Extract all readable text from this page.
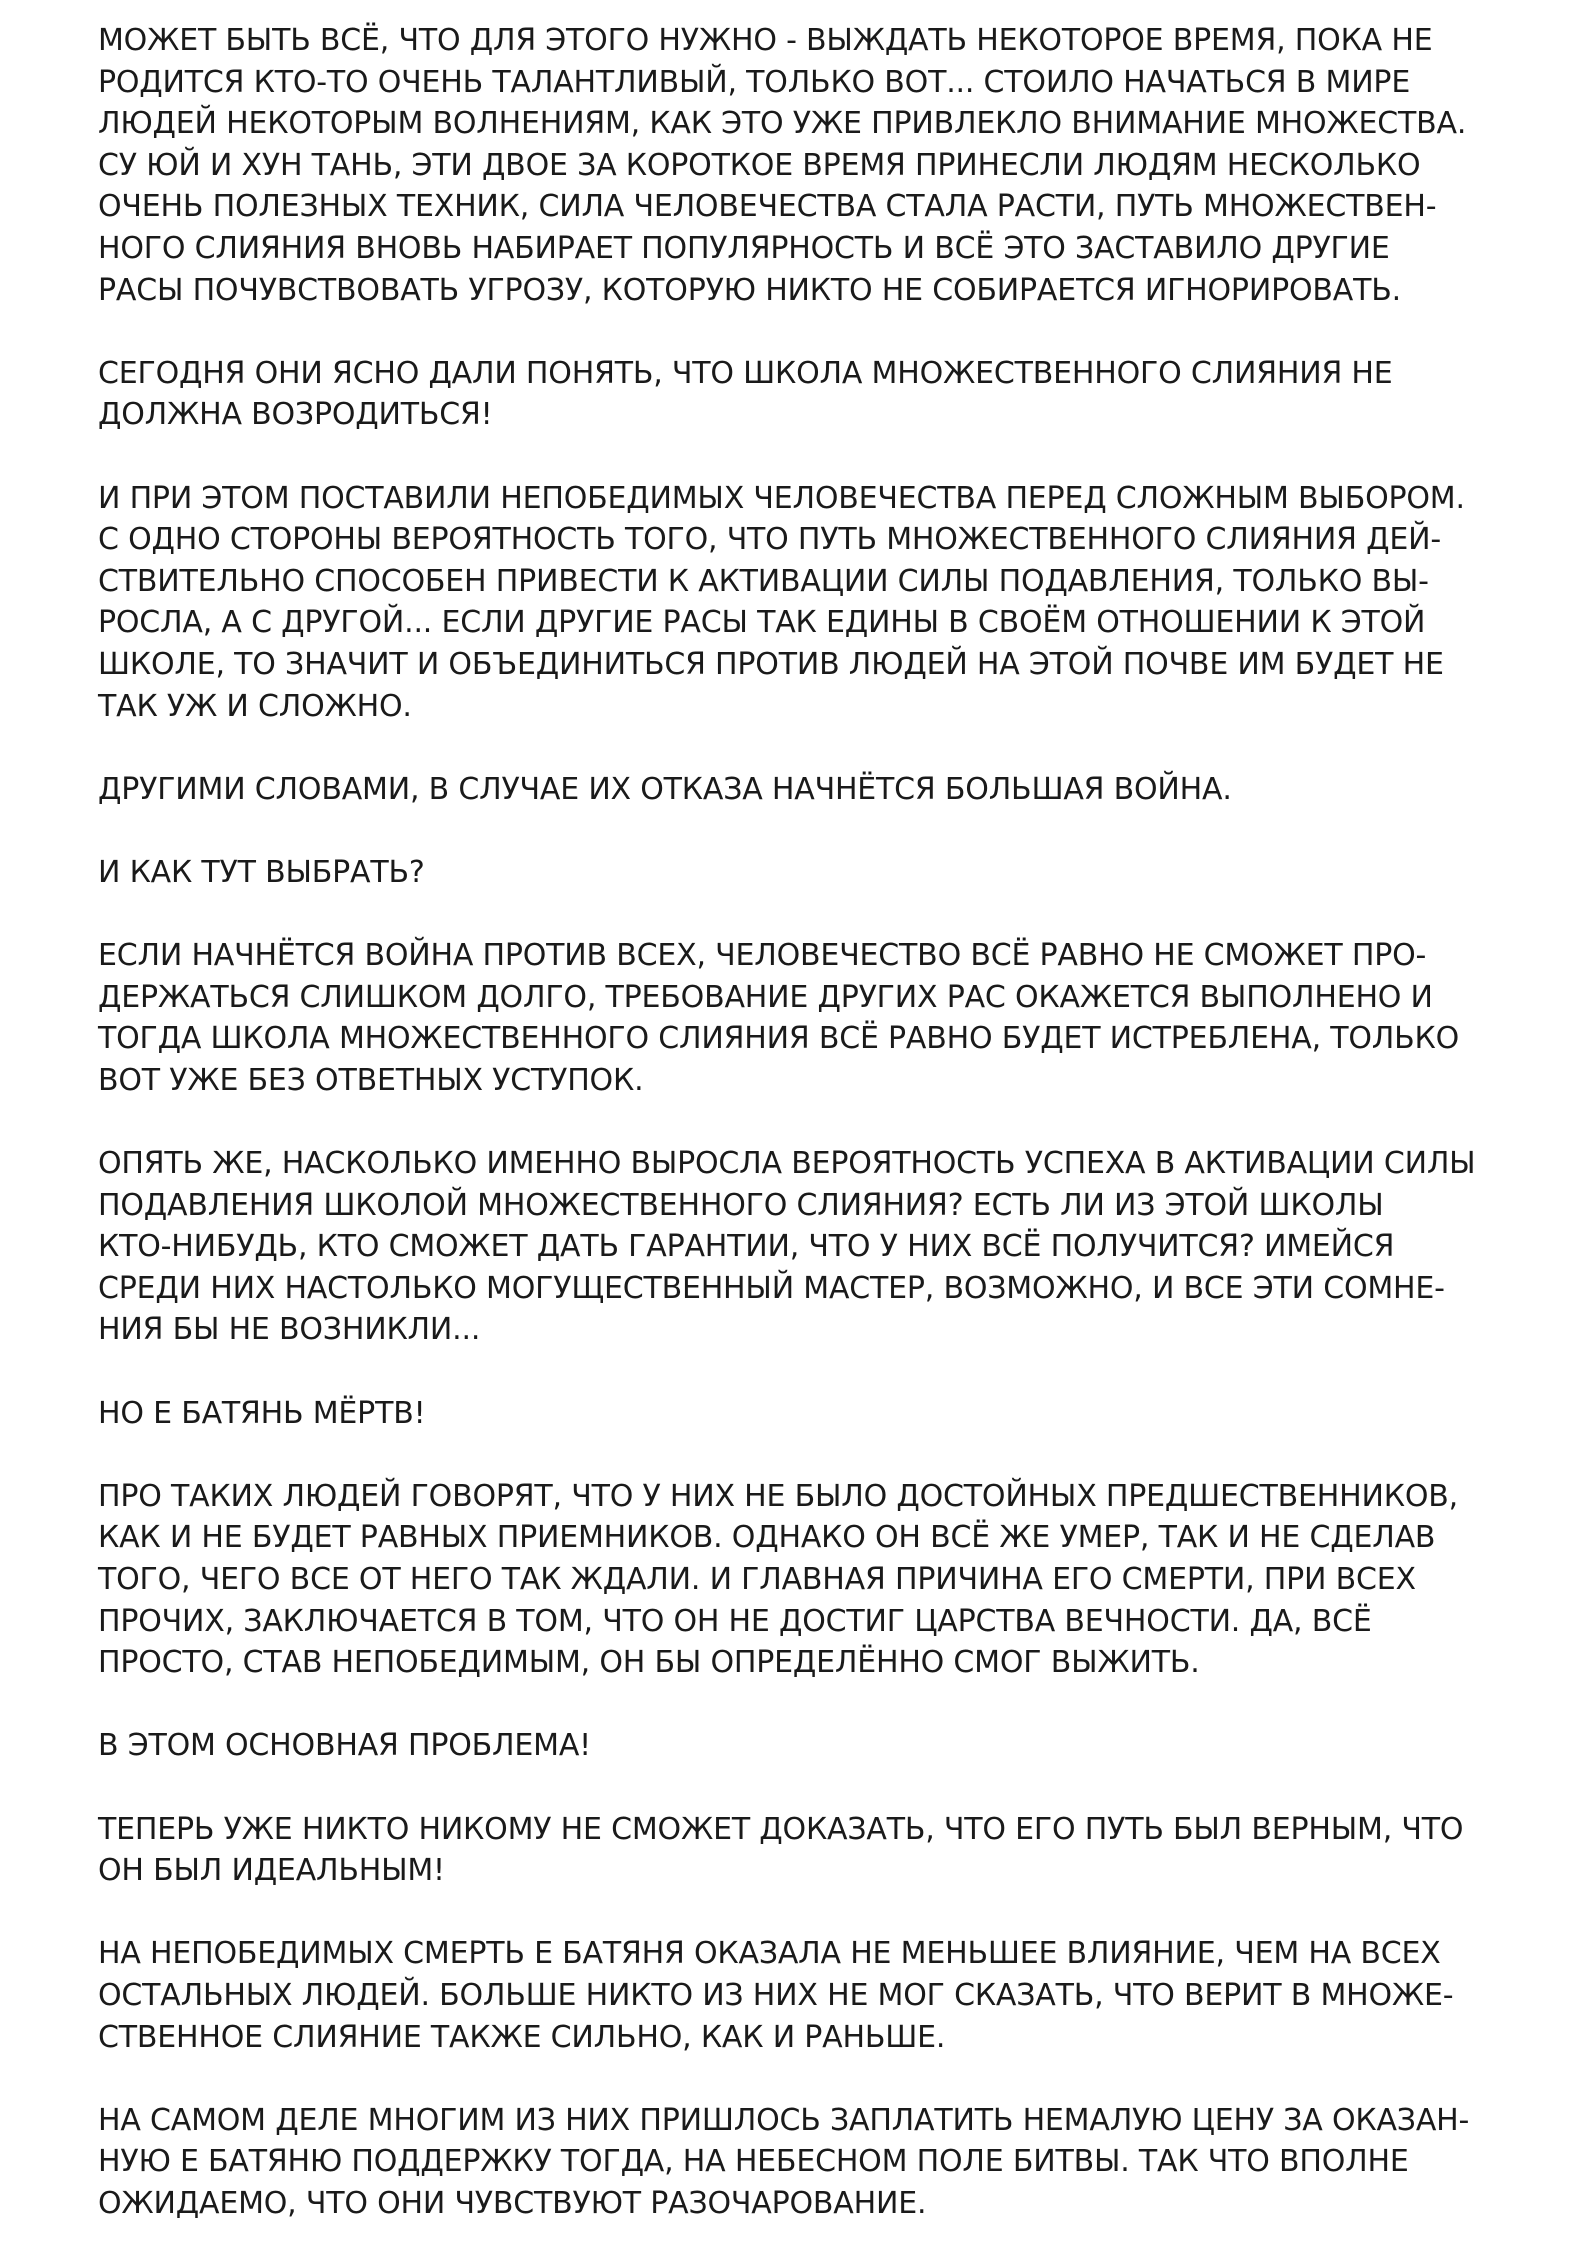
МОЖЕТ БЫТЬ ВСЁ, ЧТО ДЛЯ ЭТОГО НУЖНО - ВЫЖДАТЬ НЕКОТОРОЕ ВРЕМЯ, ПОКА НЕ
РОДИТСЯ КТО-ТО ОЧЕНЬ ТАЛАНТЛИВЫЙ, ТОЛЬКО ВОТ... СТОИЛО НАЧАТЬСЯ В МИРЕ
ЛЮДЕЙ НЕКОТОРЫМ ВОЛНЕНИЯМ, КАК ЭТО УЖЕ ПРИВЛЕКЛО ВНИМАНИЕ МНОЖЕСТВА.
СУ ЮЙ И ХУН ТАНЬ, ЭТИ ДВОЕ ЗА КОРОТКОЕ ВРЕМЯ ПРИНЕСЛИ ЛЮДЯМ НЕСКОЛЬКО
ОЧЕНЬ ПОЛЕЗНЫХ ТЕХНИК, СИЛА ЧЕЛОВЕЧЕСТВА СТАЛА РАСТИ, ПУТЬ МНОЖЕСТВЕН-
НОГО СЛИЯНИЯ ВНОВЬ НАБИРАЕТ ПОПУЛЯРНОСТЬ И ВСЁ ЭТО ЗАСТАВИЛО ДРУГИЕ
РАСЫ ПОЧУВСТВОВАТЬ УГРОЗУ, КОТОРУЮ НИКТО НЕ СОБИРАЕТСЯ ИГНОРИРОВАТЬ.

СЕГОДНЯ ОНИ ЯСНО ДАЛИ ПОНЯТЬ, ЧТО ШКОЛА МНОЖЕСТВЕННОГО СЛИЯНИЯ НЕ
ДОЛЖНА ВОЗРОДИТЬСЯ!

И ПРИ ЭТОМ ПОСТАВИЛИ НЕПОБЕДИМЫХ ЧЕЛОВЕЧЕСТВА ПЕРЕД СЛОЖНЫМ ВЫБОРОМ.
С ОДНО СТОРОНЫ ВЕРОЯТНОСТЬ ТОГО, ЧТО ПУТЬ МНОЖЕСТВЕННОГО СЛИЯНИЯ ДЕЙ-
СТВИТЕЛЬНО СПОСОБЕН ПРИВЕСТИ К АКТИВАЦИИ СИЛЫ ПОДАВЛЕНИЯ, ТОЛЬКО ВЫ-
РОСЛА, А С ДРУГОЙ... ЕСЛИ ДРУГИЕ РАСЫ ТАК ЕДИНЫ В СВОЁМ ОТНОШЕНИИ К ЭТОЙ
ШКОЛЕ, ТО ЗНАЧИТ И ОБЪЕДИНИТЬСЯ ПРОТИВ ЛЮДЕЙ НА ЭТОЙ ПОЧВЕ ИМ БУДЕТ НЕ
ТАК УЖ И СЛОЖНО.

ДРУГИМИ СЛОВАМИ, В СЛУЧАЕ ИХ ОТКАЗА НАЧНЁТСЯ БОЛЬШАЯ ВОЙНА.

И КАК ТУТ ВЫБРАТЬ?

ЕСЛИ НАЧНЁТСЯ ВОЙНА ПРОТИВ ВСЕХ, ЧЕЛОВЕЧЕСТВО ВСЁ РАВНО НЕ СМОЖЕТ ПРО-
ДЕРЖАТЬСЯ СЛИШКОМ ДОЛГО, ТРЕБОВАНИЕ ДРУГИХ РАС ОКАЖЕТСЯ ВЫПОЛНЕНО И
ТОГДА ШКОЛА МНОЖЕСТВЕННОГО СЛИЯНИЯ ВСЁ РАВНО БУДЕТ ИСТРЕБЛЕНА, ТОЛЬКО
ВОТ УЖЕ БЕЗ ОТВЕТНЫХ УСТУПОК.

ОПЯТЬ ЖЕ, НАСКОЛЬКО ИМЕННО ВЫРОСЛА ВЕРОЯТНОСТЬ УСПЕХА В АКТИВАЦИИ СИЛЫ
ПОДАВЛЕНИЯ ШКОЛОЙ МНОЖЕСТВЕННОГО СЛИЯНИЯ? ЕСТЬ ЛИ ИЗ ЭТОЙ ШКОЛЫ
КТО-НИБУДЬ, КТО СМОЖЕТ ДАТЬ ГАРАНТИИ, ЧТО У НИХ ВСЁ ПОЛУЧИТСЯ? ИМЕЙСЯ
СРЕДИ НИХ НАСТОЛЬКО МОГУЩЕСТВЕННЫЙ МАСТЕР, ВОЗМОЖНО, И ВСЕ ЭТИ СОМНЕ-
НИЯ БЫ НЕ ВОЗНИКЛИ...

НО Е БАТЯНЬ МЁРТВ!

ПРО ТАКИХ ЛЮДЕЙ ГОВОРЯТ, ЧТО У НИХ НЕ БЫЛО ДОСТОЙНЫХ ПРЕДШЕСТВЕННИКОВ,
КАК И НЕ БУДЕТ РАВНЫХ ПРИЕМНИКОВ. ОДНАКО ОН ВСЁ ЖЕ УМЕР, ТАК И НЕ СДЕЛАВ
ТОГО, ЧЕГО ВСЕ ОТ НЕГО ТАК ЖДАЛИ. И ГЛАВНАЯ ПРИЧИНА ЕГО СМЕРТИ, ПРИ ВСЕХ
ПРОЧИХ, ЗАКЛЮЧАЕТСЯ В ТОМ, ЧТО ОН НЕ ДОСТИГ ЦАРСТВА ВЕЧНОСТИ. ДА, ВСЁ
ПРОСТО, СТАВ НЕПОБЕДИМЫМ, ОН БЫ ОПРЕДЕЛЁННО СМОГ ВЫЖИТЬ.

В ЭТОМ ОСНОВНАЯ ПРОБЛЕМА!

ТЕПЕРЬ УЖЕ НИКТО НИКОМУ НЕ СМОЖЕТ ДОКАЗАТЬ, ЧТО ЕГО ПУТЬ БЫЛ ВЕРНЫМ, ЧТО
ОН БЫЛ ИДЕАЛЬНЫМ!

НА НЕПОБЕДИМЫХ СМЕРТЬ Е БАТЯНЯ ОКАЗАЛА НЕ МЕНЬШЕЕ ВЛИЯНИЕ, ЧЕМ НА ВСЕХ
ОСТАЛЬНЫХ ЛЮДЕЙ. БОЛЬШЕ НИКТО ИЗ НИХ НЕ МОГ СКАЗАТЬ, ЧТО ВЕРИТ В МНОЖЕ-
СТВЕННОЕ СЛИЯНИЕ ТАКЖЕ СИЛЬНО, КАК И РАНЬШЕ.

НА САМОМ ДЕЛЕ МНОГИМ ИЗ НИХ ПРИШЛОСЬ ЗАПЛАТИТЬ НЕМАЛУЮ ЦЕНУ ЗА ОКАЗАН-
НУЮ Е БАТЯНЮ ПОДДЕРЖКУ ТОГДА, НА НЕБЕСНОМ ПОЛЕ БИТВЫ. ТАК ЧТО ВПОЛНЕ
ОЖИДАЕМО, ЧТО ОНИ ЧУВСТВУЮТ РАЗОЧАРОВАНИЕ.
